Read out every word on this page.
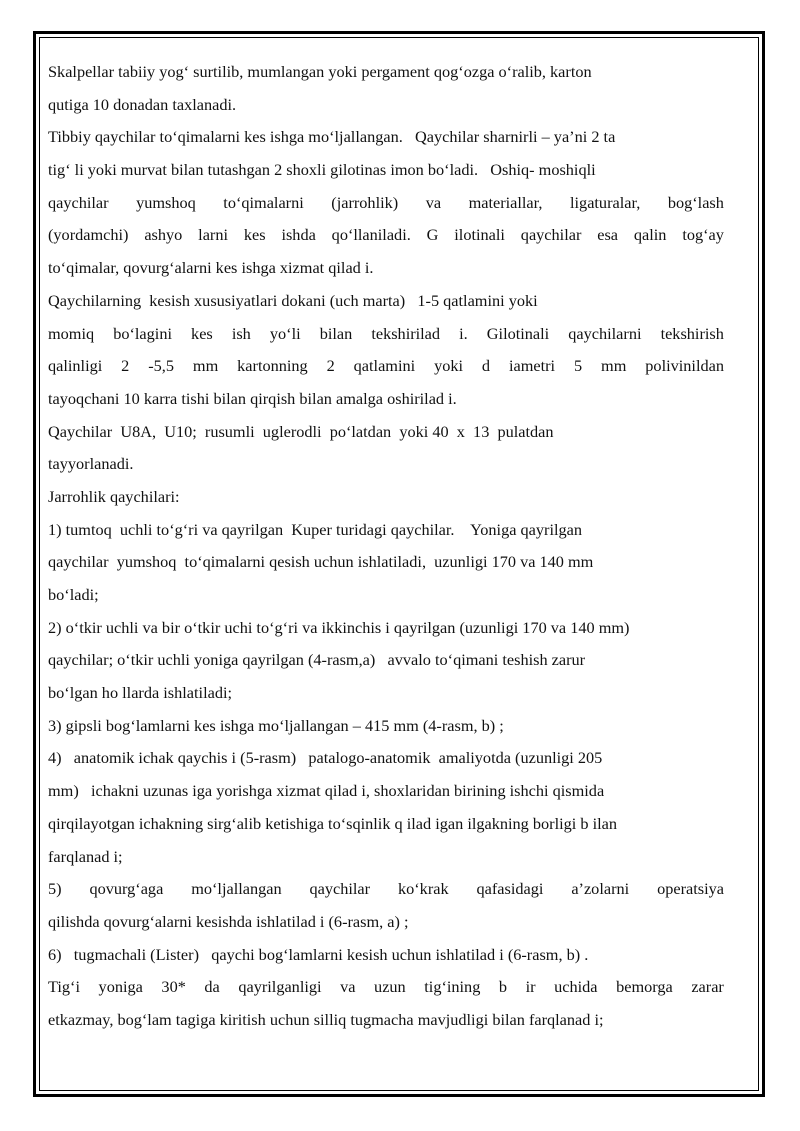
Skalpellar tabiiy yog‘ surtilib, mumlangan yoki pergament qog‘ozga o‘ralib, karton
qutiga 10 donadan taxlanadi.
Tibbiy qaychilar to‘qimalarni kes ishga mo‘ljallangan.   Qaychilar sharnirli – ya’ni 2 ta
tig‘ li yoki murvat bilan tutashgan 2 shoxli gilotinas imon bo‘ladi.   Oshiq- moshiqli
qaychilar yumshoq to‘qimalarni (jarrohlik) va materiallar, ligaturalar, bog‘lash
(yordamchi) ashyo larni kes ishda qo‘llaniladi. G ilotinali qaychilar esa qalin tog‘ay
to‘qimalar, qovurg‘alarni kes ishga xizmat qilad i.
Qaychilarning  kesish xususiyatlari dokani (uch marta)   1-5 qatlamini yoki
momiq bo‘lagini kes ish yo‘li bilan tekshirilad i. Gilotinali qaychilarni tekshirish
qalinligi 2 -5,5 mm kartonning 2 qatlamini yoki d iametri 5 mm polivinildan
tayoqchani 10 karra tishi bilan qirqish bilan amalga oshirilad i.
Qaychilar  U8A,  U10;  rusumli  uglerodli  po‘latdan  yoki 40  x  13  pulatdan
tayyorlanadi.
Jarrohlik qaychilari:
1) tumtoq  uchli to‘g‘ri va qayrilgan  Kuper turidagi qaychilar.    Yoniga qayrilgan
qaychilar  yumshoq  to‘qimalarni qesish uchun ishlatiladi,  uzunligi 170 va 140 mm
bo‘ladi;
2) o‘tkir uchli va bir o‘tkir uchi to‘g‘ri va ikkinchis i qayrilgan (uzunligi 170 va 140 mm)
qaychilar; o‘tkir uchli yoniga qayrilgan (4-rasm,a)   avvalo to‘qimani teshish zarur
bo‘lgan ho llarda ishlatiladi;
3) gipsli bog‘lamlarni kes ishga mo‘ljallangan – 415 mm (4-rasm, b) ;
4)   anatomik ichak qaychis i (5-rasm)   patalogo-anatomik  amaliyotda (uzunligi 205
mm)   ichakni uzunas iga yorishga xizmat qilad i, shoxlaridan birining ishchi qismida
qirqilayotgan ichakning sirg‘alib ketishiga to‘sqinlik q ilad igan ilgakning borligi b ilan
farqlanad i;
5) qovurg‘aga mo‘ljallangan qaychilar ko‘krak qafasidagi a’zolarni operatsiya
qilishda qovurg‘alarni kesishda ishlatilad i (6-rasm, a) ;
6)   tugmachali (Lister)   qaychi bog‘lamlarni kesish uchun ishlatilad i (6-rasm, b) .
Tig‘i yoniga 30* da qayrilganligi va uzun tig‘ining b ir uchida bemorga zarar
etkazmay, bog‘lam tagiga kiritish uchun silliq tugmacha mavjudligi bilan farqlanad i;
